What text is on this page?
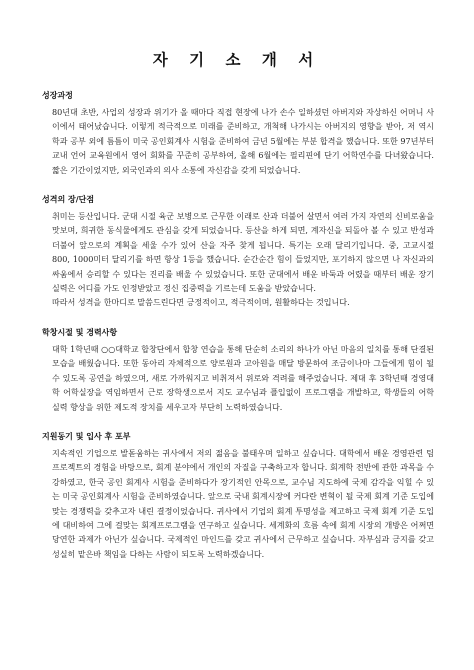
자 기 소 개 서
성장과정

80년대 초반, 사업의 성장과 위기가 올 때마다 직접 현장에 나가 손수 일하셨던 아버지와 자상하신 어머니 사이에서 태어났습니다. 이렇게 적극적으로 미래를 준비하고, 개척해 나가시는 아버지의 영향을 받아, 저 역시 학과 공부 외에 틈틈이 미국 공인회계사 시험을 준비하여 금년 5월에는 부분 합격을 했습니다. 또한 97년부터 교내 언어 교육원에서 영어 회화를 꾸준히 공부하여, 올해 6월에는 필리핀에 단기 어학연수를 다녀왔습니다. 짧은 기간이었지만, 외국인과의 의사 소통에 자신감을 갖게 되었습니다.

성격의 장/단점

취미는 등산입니다. 군대 시절 육군 보병으로 근무한 이래로 산과 더불어 살면서 여러 가지 자연의 신비로움을 맛보며, 희귀한 동식물에게도 관심을 갖게 되었습니다. 등산을 하게 되면, 계자신을 되돌아 볼 수 있고 반성과 더불어 앞으로의 계획을 세울 수가 있어 산을 자주 찾게 됩니다. 특기는 오래 달리기입니다. 중, 고교시절 800, 1000미터 달리기를 하면 항상 1등을 했습니다. 순간순간 힘이 들었지만, 포기하지 않으면 나 자신과의 싸움에서 승리할 수 있다는 진리를 배울 수 있었습니다. 또한 군대에서 배운 바둑과 어렸을 때부터 배운 장기 실력은 어디를 가도 인정받았고 정신 집중력을 기르는데 도움을 받았습니다.

따라서 성격을 한마디로 말씀드린다면 긍정적이고, 적극적이며, 원활하다는 것입니다.

학창시절 및 경력사항

대학 1학년때 ○○대학교 합창단에서 합창 연습을 통해 단순히 소리의 하나가 아닌 마음의 일치를 통해 단결된 모습을 배웠습니다. 또한 동아리 자체적으로 양로원과 고아원을 매달 방문하여 조금이나마 그들에게 힘이 될 수 있도록 공연을 하였으며, 새로 가까워지고 비취져서 위로와 격려를 해주었습니다. 제대 후 3학년때 경영대학 어학실장을 역임하면서 근로 장학생으로서 지도 교수님과 플입없이 프로그램을 개발하고, 학생들의 어학 실력 향상을 위한 제도적 장치를 세우고자 부단히 노력하였습니다.

지원동기 및 입사 후 포부

지속적인 기업으로 발돋움하는 귀사에서 저의 젊음을 불태우며 일하고 싶습니다. 대학에서 배운 경영관련 팀 프로젝트의 경험을 바탕으로, 회계 분야에서 개인의 자질을 구축하고자 합니다. 회계학 전반에 관한 과목을 수강하였고, 한국 공인 회계사 시험을 준비하다가 장기적인 안목으로, 교수님 지도하에 국제 감각을 익힐 수 있는 미국 공인회계사 시험을 준비하였습니다. 앞으로 국내 회계시장에 커다란 변혁이 될 국제 회계 기준 도입에 맞는 경쟁력을 갖추고자 내린 결정이었습니다. 귀사에서 기업의 회계 투명성을 제고하고 국제 회계 기준 도입에 대비하여 그에 걸맞는 회계프로그램을 연구하고 싶습니다. 세계화의 흐름 속에 회계 시장의 개방은 어쩌면 당연한 과제가 아닌가 싶습니다. 국제적인 마인드를 갖고 귀사에서 근무하고 싶습니다. 자부심과 긍지를 갖고 성실히 맡은바 책임을 다하는 사람이 되도록 노력하겠습니다.
